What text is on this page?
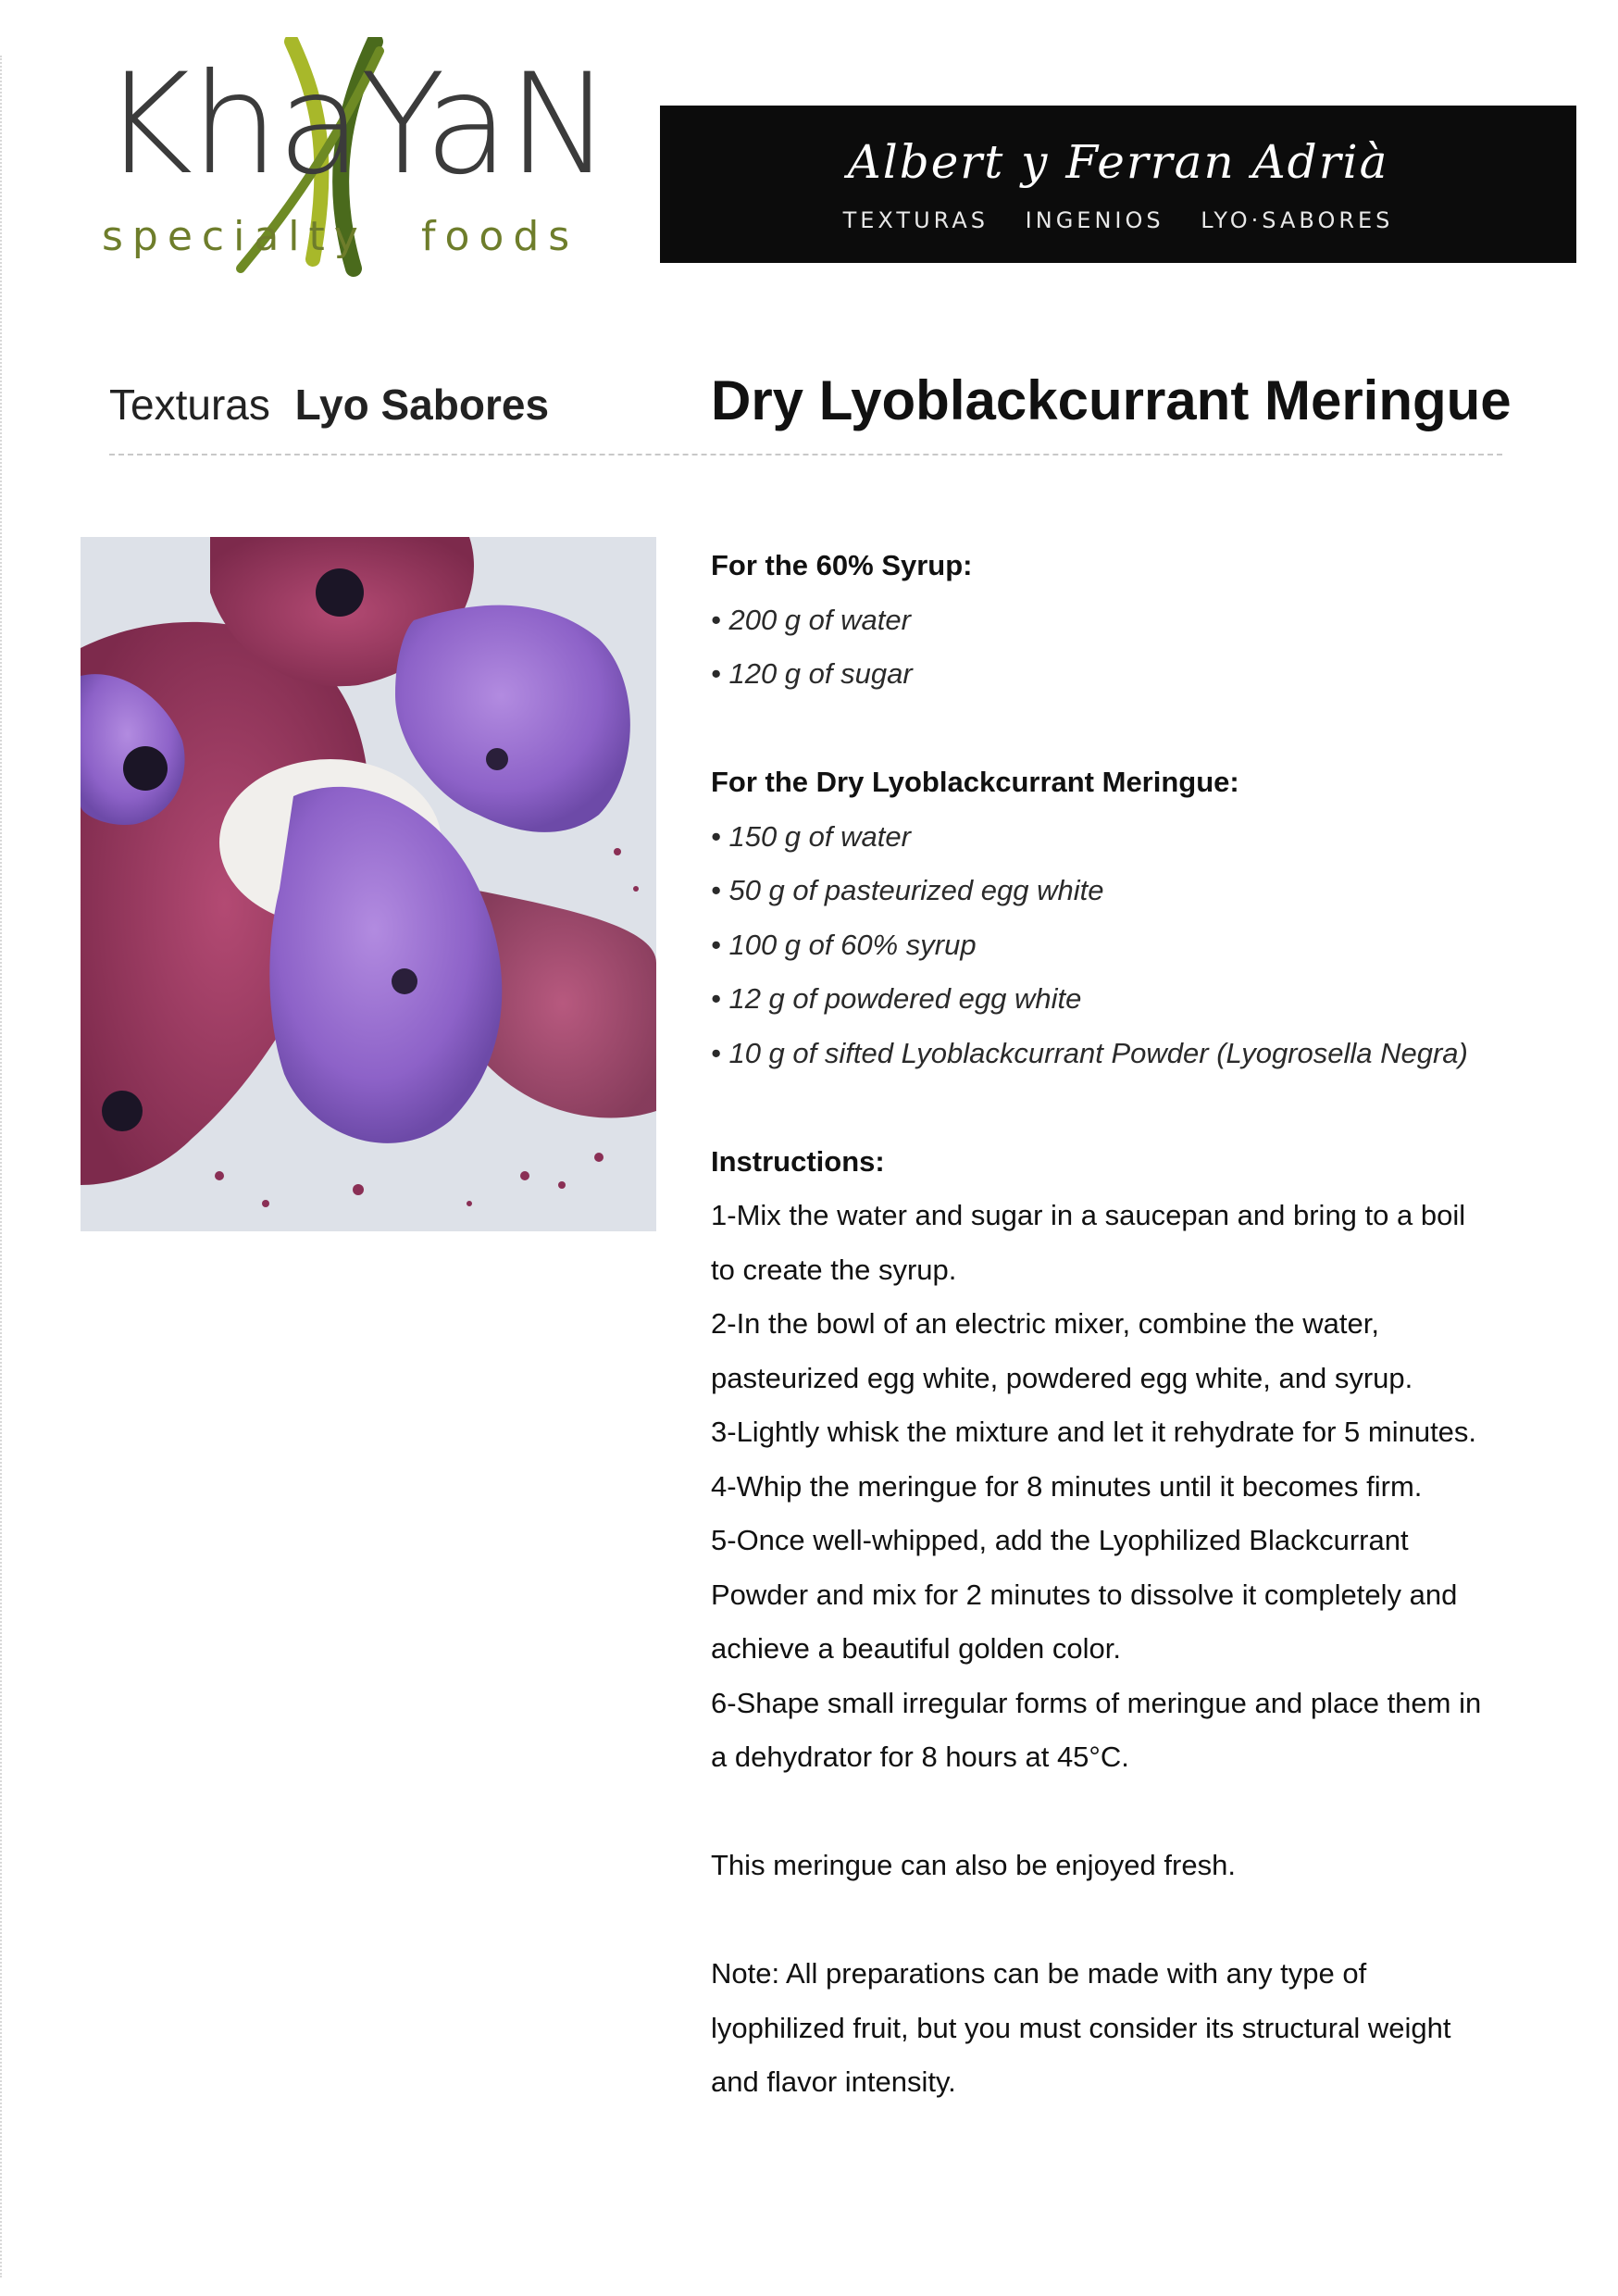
KhaYaN
specialty foods
Albert y Ferran Adrià
TEXTURAS INGENIOS LYO·SABORES
Texturas Lyo Sabores	Dry Lyoblackcurrant Meringue

For the 60% Syrup:

• 200 g of water

• 120 g of sugar

For the Dry Lyoblackcurrant Meringue:

• 150 g of water

• 50 g of pasteurized egg white

• 100 g of 60% syrup

• 12 g of powdered egg white

• 10 g of sifted Lyoblackcurrant Powder (Lyogrosella Negra)

Instructions:

1-Mix the water and sugar in a saucepan and bring to a boil

to create the syrup.

2-In the bowl of an electric mixer, combine the water,

pasteurized egg white, powdered egg white, and syrup.

3-Lightly whisk the mixture and let it rehydrate for 5 minutes.

4-Whip the meringue for 8 minutes until it becomes firm.

5-Once well-whipped, add the Lyophilized Blackcurrant

Powder and mix for 2 minutes to dissolve it completely and

achieve a beautiful golden color.

6-Shape small irregular forms of meringue and place them in

a dehydrator for 8 hours at 45°C.

This meringue can also be enjoyed fresh.

Note: All preparations can be made with any type of

lyophilized fruit, but you must consider its structural weight

and flavor intensity.
